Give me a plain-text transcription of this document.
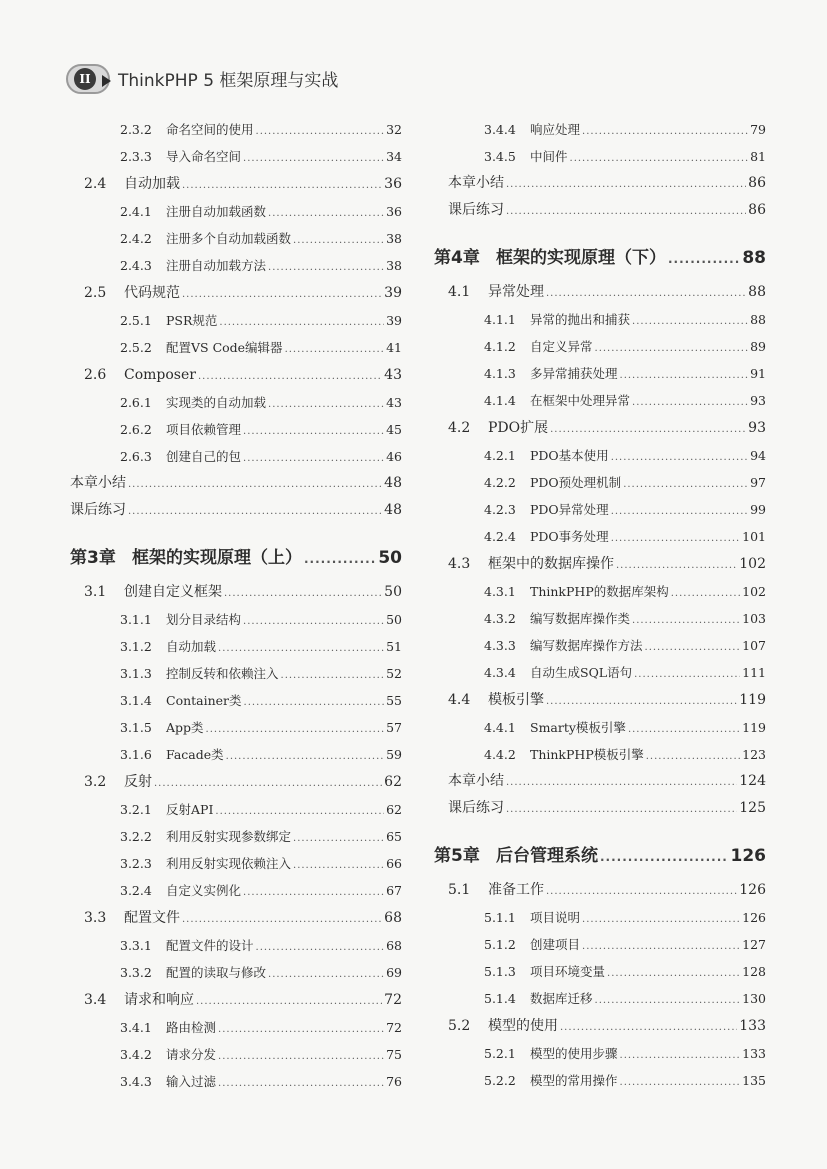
II	ThinkPHP 5 框架原理与实战
2.3.2	命名空间的使用 .....	32
2.3.3	导入命名空间 .....	34
2.4	自动加载 .....	36
2.4.1	注册自动加载函数 .....	36
2.4.2	注册多个自动加载函数 .....	38
2.4.3	注册自动加载方法 .....	38
2.5	代码规范 .....	39
2.5.1	PSR规范 .....	39
2.5.2	配置VS Code编辑器 .....	41
2.6	Composer .....	43
2.6.1	实现类的自动加载 .....	43
2.6.2	项目依赖管理 .....	45
2.6.3	创建自己的包 .....	46
本章小结 .....	48
课后练习 .....	48
第3章 框架的实现原理（上） .....	50
3.1	创建自定义框架 .....	50
3.1.1	划分目录结构 .....	50
3.1.2	自动加载 .....	51
3.1.3	控制反转和依赖注入 .....	52
3.1.4	Container类 .....	55
3.1.5	App类 .....	57
3.1.6	Facade类 .....	59
3.2	反射 .....	62
3.2.1	反射API .....	62
3.2.2	利用反射实现参数绑定 .....	65
3.2.3	利用反射实现依赖注入 .....	66
3.2.4	自定义实例化 .....	67
3.3	配置文件 .....	68
3.3.1	配置文件的设计 .....	68
3.3.2	配置的读取与修改 .....	69
3.4	请求和响应 .....	72
3.4.1	路由检测 .....	72
3.4.2	请求分发 .....	75
3.4.3	输入过滤 .....	76
3.4.4	响应处理 .....	79
3.4.5	中间件 .....	81
本章小结 .....	86
课后练习 .....	86
第4章 框架的实现原理（下） .....	88
4.1	异常处理 .....	88
4.1.1	异常的抛出和捕获 .....	88
4.1.2	自定义异常 .....	89
4.1.3	多异常捕获处理 .....	91
4.1.4	在框架中处理异常 .....	93
4.2	PDO扩展 .....	93
4.2.1	PDO基本使用 .....	94
4.2.2	PDO预处理机制 .....	97
4.2.3	PDO异常处理 .....	99
4.2.4	PDO事务处理 .....	101
4.3	框架中的数据库操作 .....	102
4.3.1	ThinkPHP的数据库架构 .....	102
4.3.2	编写数据库操作类 .....	103
4.3.3	编写数据库操作方法 .....	107
4.3.4	自动生成SQL语句 .....	111
4.4	模板引擎 .....	119
4.4.1	Smarty模板引擎 .....	119
4.4.2	ThinkPHP模板引擎 .....	123
本章小结 .....	124
课后练习 .....	125
第5章 后台管理系统 .....	126
5.1	准备工作 .....	126
5.1.1	项目说明 .....	126
5.1.2	创建项目 .....	127
5.1.3	项目环境变量 .....	128
5.1.4	数据库迁移 .....	130
5.2	模型的使用 .....	133
5.2.1	模型的使用步骤 .....	133
5.2.2	模型的常用操作 .....	135
